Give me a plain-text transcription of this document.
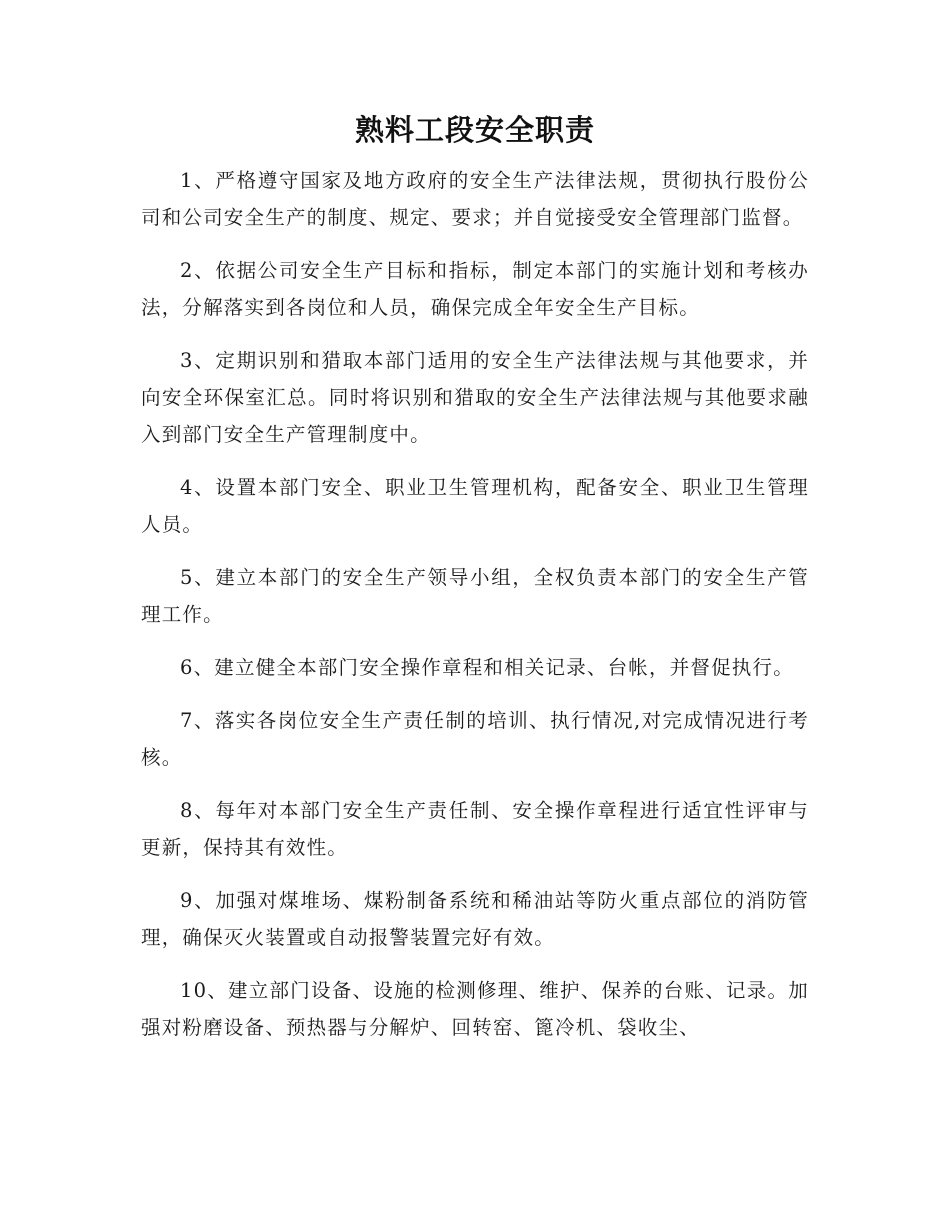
熟料工段安全职责

1、严格遵守国家及地方政府的安全生产法律法规，贯彻执行股份公司和公司安全生产的制度、规定、要求；并自觉接受安全管理部门监督。

2、依据公司安全生产目标和指标，制定本部门的实施计划和考核办法，分解落实到各岗位和人员，确保完成全年安全生产目标。

3、定期识别和猎取本部门适用的安全生产法律法规与其他要求，并向安全环保室汇总。同时将识别和猎取的安全生产法律法规与其他要求融入到部门安全生产管理制度中。

4、设置本部门安全、职业卫生管理机构，配备安全、职业卫生管理人员。

5、建立本部门的安全生产领导小组，全权负责本部门的安全生产管理工作。

6、建立健全本部门安全操作章程和相关记录、台帐，并督促执行。

7、落实各岗位安全生产责任制的培训、执行情况,对完成情况进行考核。

8、每年对本部门安全生产责任制、安全操作章程进行适宜性评审与更新，保持其有效性。

9、加强对煤堆场、煤粉制备系统和稀油站等防火重点部位的消防管理，确保灭火装置或自动报警装置完好有效。

10、建立部门设备、设施的检测修理、维护、保养的台账、记录。加强对粉磨设备、预热器与分解炉、回转窑、篦冷机、袋收尘、
